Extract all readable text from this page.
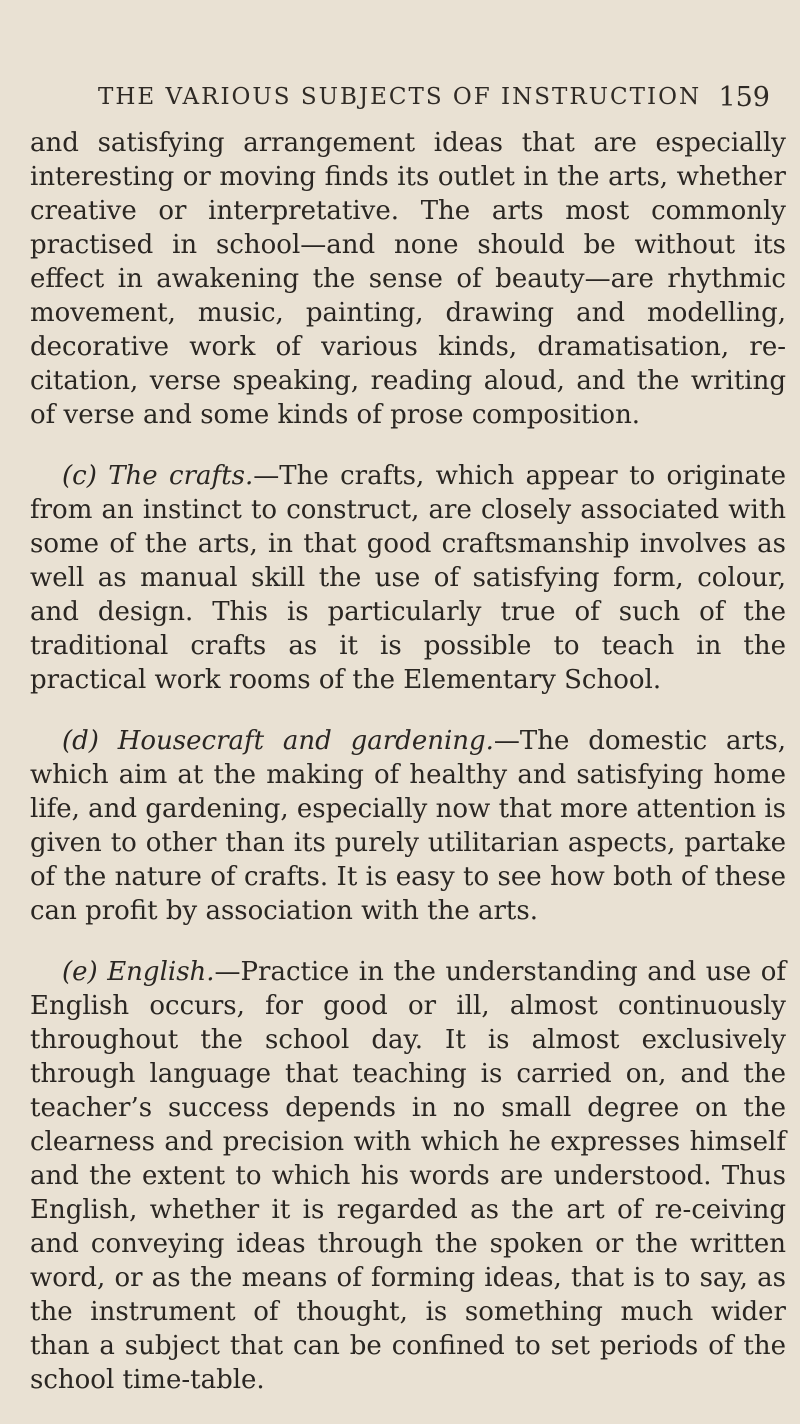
THE VARIOUS SUBJECTS OF INSTRUCTION 159

and satisfying arrangement ideas that are especially interesting or moving finds its outlet in the arts, whether creative or interpretative. The arts most commonly practised in school—and none should be without its effect in awakening the sense of beauty—are rhythmic movement, music, painting, drawing and modelling, decorative work of various kinds, dramatisation, re-citation, verse speaking, reading aloud, and the writing of verse and some kinds of prose composition.

(c) The crafts.—The crafts, which appear to originate from an instinct to construct, are closely associated with some of the arts, in that good craftsmanship involves as well as manual skill the use of satisfying form, colour, and design. This is particularly true of such of the traditional crafts as it is possible to teach in the practical work rooms of the Elementary School.

(d) Housecraft and gardening.—The domestic arts, which aim at the making of healthy and satisfying home life, and gardening, especially now that more attention is given to other than its purely utilitarian aspects, partake of the nature of crafts. It is easy to see how both of these can profit by association with the arts.

(e) English.—Practice in the understanding and use of English occurs, for good or ill, almost continuously throughout the school day. It is almost exclusively through language that teaching is carried on, and the teacher’s success depends in no small degree on the clearness and precision with which he expresses himself and the extent to which his words are understood. Thus English, whether it is regarded as the art of re-ceiving and conveying ideas through the spoken or the written word, or as the means of forming ideas, that is to say, as the instrument of thought, is something much wider than a subject that can be confined to set periods of the school time-table.
